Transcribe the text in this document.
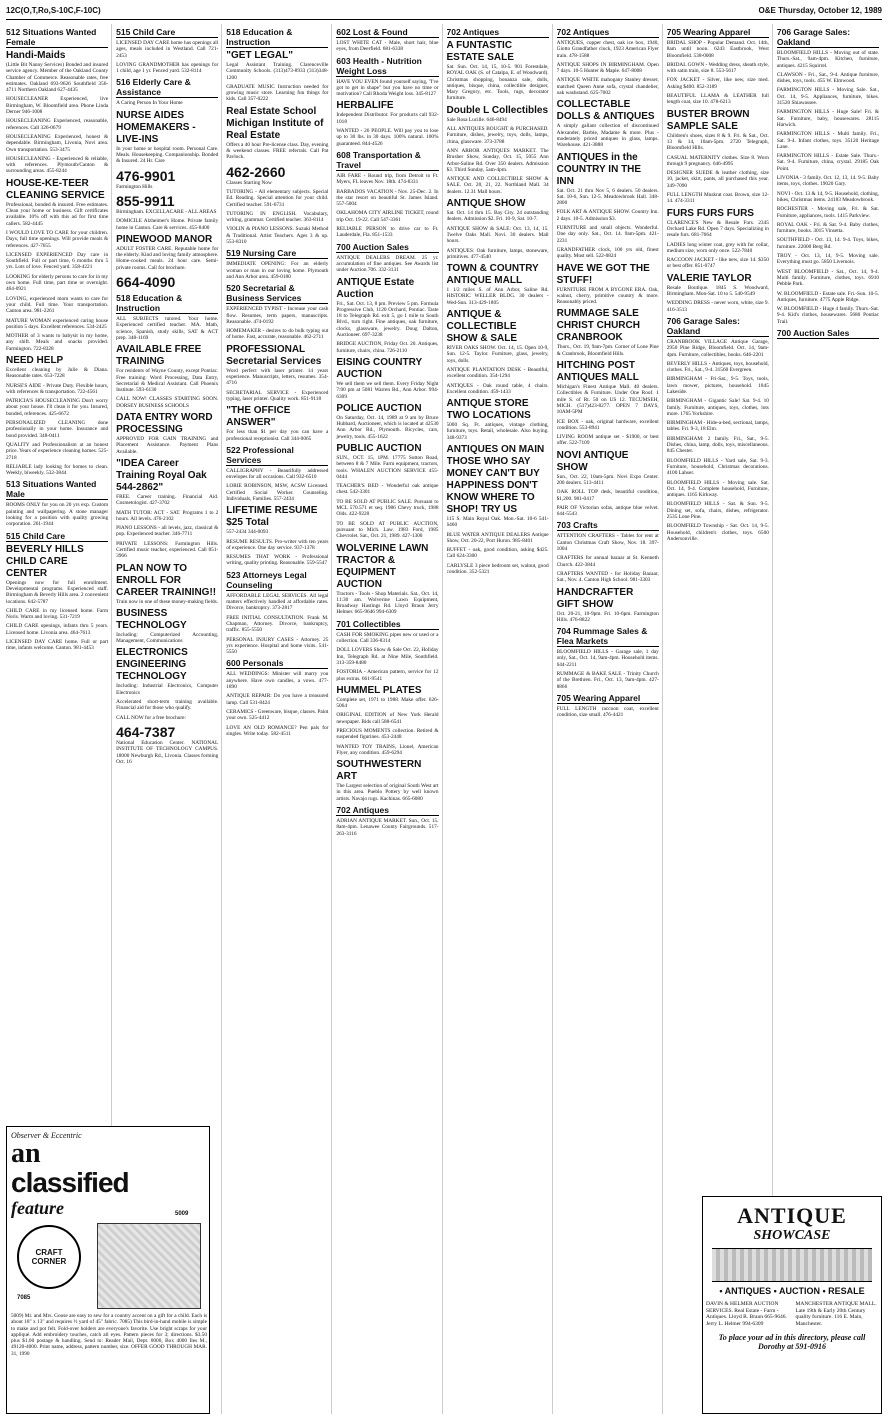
12C(O,T,Ro,S-10C,F-10C)	O&E Thursday, October 12, 1989
512 Situations Wanted Female
Handi-Maids
(Little Bit Nanny Services) Bonded and insured service agency. Member of the Oakland County Chamber of Commerce. Reasonable rates, free estimates. Oakland 693-9626 Southfield 356-4711 Northern Oakland 627-4435
HOUSECLEANER Experienced, live Birmingham, W. Bloomfield area. Phone Linda Derner 946-1008
HOUSECLEANING Experienced, reasonable, references. Call 326-0679
HOUSECLEANING Experienced, honest & dependable. Birmingham, Livonia, Novi area. Own transportation. 553-3475
HOUSECLEANING - Experienced & reliable, with references. Plymouth/Canton & surrounding areas. 455-8244
HOUSE-KE-TEER CLEANING SERVICE
Professional, bonded & insured. Free estimates. Clean your home or business. Gift certificates available. 10% off with this ad for first time callers. 582-4445
I WOULD LOVE TO CARE for your children. Days, full time openings. Will provide meals & references. 427-7655
LICENSED EXPERIENCED Day care in Southfield. Full or part time, 6 months thru 5 yrs. Lots of love. Fenced yard. 358-4221
LOOKING for elderly persons to care for in my own home. Full time, part time or overnight. 464-0921
LOVING, experienced mom wants to care for your child. Full time. Your transportation. Canton area. 981-2261
MATURE WOMAN experienced caring house position 5 days. Excellent references. 534-2425
MOTHER of 3 wants to babysit in my home, any shift. Meals and snacks provided. Farmington. 722-8328
NEED HELP
Excellent cleaning by Julie & Diana. Reasonable rates. 653-7228
NURSE'S AIDE - Private Duty. Flexible hours, with references & transportation. 722-4561
PATRICIA'S HOUSECLEANING Don't worry about your house. I'll clean it for you. Insured, bonded, references. 425-6672
PERSONALIZED CLEANING done professionally in your home. Insurance and bond provided. 348-0411
QUALITY and Professionalism at an honest price. Years of experience cleaning homes. 525-2718
RELIABLE lady looking for homes to clean. Weekly, biweekly. 532-3844
513 Situations Wanted Male
ROOMS ONLY for you on 20 yrs exp. Custom painting and wallpapering. A stone manager looking for a position with quality growing corporation. 261-1944
515 Child Care
BEVERLY HILLS CHILD CARE CENTER
Openings now for full enrollment. Developmental programs. Experienced staff. Birmingham & Beverly Hills area. 2 convenient locations. 642-5787
CHILD CARE in my licensed home. Farm Noris. Warm and loving. 531-7219
CHILD CARE openings, infants thru 5 years. Licensed home. Livonia area. 464-7613
LICENSED DAY CARE home. Full or part time, infants welcome. Canton. 981-4453
515 Child Care
LICENSED DAY CARE home has openings all ages, meals included in Westland. Call 721-2453
LOVING GRANDMOTHER has openings for 1 child, age 1 yr. Fenced yard. 532-8114
516 Elderly Care & Assistance
A Caring Person In Your Home
NURSE AIDES HOMEMAKERS - LIVE-INS
In your home or hospital room. Personal Care. Meals. Housekeeping. Companionship. Bonded & Insured. 24 Hr. Care
476-9901
Farmington Hills
855-9911
Birmingham. EXCELLACARE - ALL AREAS
DOMICILE Alzheimer's Home. Private family home in Canton. Care & services. 455-8400
PINEWOOD MANOR
ADULT FOSTER CARE. Reputable home for the elderly. Kind and loving family atmosphere. Home-cooked meals. 24 hour care. Semi-private rooms. Call for brochure.
664-4090
518 Education & Instruction
ALL SUBJECTS tutored. Your home. Experienced certified teacher. MA. Math, science, Spanish, study skills, SAT & ACT prep. 348-1169
AVAILABLE FREE TRAINING
For residents of Wayne County, except Pontiac. Free training: Word Processing, Data Entry, Secretarial & Medical Assistant. Call Phoenix Institute. 593-6130
CALL NOW! CLASSES STARTING SOON. DORSEY BUSINESS SCHOOLS
DATA ENTRY WORD PROCESSING
APPROVED FOR GAIN TRAINING and Placement Assistance. Payment Plans Available.
"IDEA Career Training Royal Oak 544-2862"
FREE. Career training. Financial Aid. Cosmetologist. 427-3702
MATH TUTOR: ACT - SAT. Programs 1 to 2 hours. All levels. 476-2102
PIANO LESSONS - all levels, jazz, classical & pop. Experienced teacher. 346-7711
PRIVATE LESSONS: Farmington Hills. Certified music teacher, experienced. Call 851-3966
PLAN NOW TO ENROLL FOR CAREER TRAINING!!
Train now in one of these money-making fields.
BUSINESS TECHNOLOGY
Including: Computerized Accounting, Management, Communications
ELECTRONICS ENGINEERING TECHNOLOGY
Including: Industrial Electronics, Computer Electronics
Accelerated short-term training available. Financial aid for those who qualify.
CALL NOW for a free brochure:
464-7387
National Education Center. NATIONAL INSTITUTE OF TECHNOLOGY CAMPUS. 18000 Newburgh Rd., Livonia. Classes forming Oct. 16
518 Education & Instruction
"GET LEGAL"
Legal Assistant Training. Clarenceville Community Schools. (313)473-8933 (313)348-1200
GRADUATE MUSIC Instruction needed for growing music store. Learning fun things for kids. Call 357-0222
Real Estate School Michigan Institute of Real Estate
Offers a 40 hour Pre-license class. Day, evening & weekend classes. FREE referrals. Call Pat Pavlock.
462-2660
Classes Starting Now
TUTORING - All elementary subjects. Special Ed. Reading. Special attention for your child. Certified teacher. 591-6731
TUTORING IN ENGLISH. Vocabulary, writing, grammar. Certified teacher. 363-8114
VIOLIN & PIANO LESSONS. Suzuki Method & Traditional. Artist Teachers. Ages 3 & up. 553-8310
519 Nursing Care
IMMEDIATE OPENING: For an elderly woman or man in our loving home. Plymouth and Ann Arbor area. 459-0180
520 Secretarial & Business Services
EXPERIENCED TYPIST - Increase your cash flow. Resumes, term papers, manuscripts. Reasonable. 474-0192
HOMEMAKER - desires to do bulk typing out of home. Fast, accurate, reasonable. 462-2711
PROFESSIONAL Secretarial Services
Word perfect with laser printer. 14 years experience. Manuscripts, letters, resumes. 354-4716
SECRETARIAL SERVICE - Experienced typing, laser printer. Quality work. 851-9118
"THE OFFICE ANSWER"
For less than $1 per day you can have a professional receptionist. Call 344-0065
522 Professional Services
CALLIGRAPHY - Beautifully addressed envelopes for all occasions. Call 932-6510
LORIE ROBINSON, MSW, ACSW Licensed. Certified Social Worker. Counseling. Individuals, Families. 557-2434
LIFETIME RESUME $25 Total
557-2434 344-0093
RESUME RESULTS. Pro-writer with ten years of experience. One day service. 937-1378
RESUMES THAT WORK - Professional writing, quality printing. Reasonable. 559-5547
523 Attorneys Legal Counseling
AFFORDABLE LEGAL SERVICES. All legal matters effectively handled at affordable rates. Divorce, bankruptcy. 373-2817
FREE INITIAL CONSULTATION. Frank M. Chapman, Attorney. Divorce, bankruptcy, traffic. 855-5550
PERSONAL INJURY CASES - Attorney. 25 yrs experience. Hospital and home visits. 541-5550
600 Personals
ALL WEDDINGS: Minister will marry you anywhere. Have own candles, a vows. 477-1890
ANTIQUE REPAIR: Do you have a treasured lamp. Call 531-8424
CERAMICS - Greenware, bisque, classes. Paint your own. 525-4412
LOVE AN OLD ROMANCE? Pen pals for singles. Write today. 582-4511
602 Lost & Found
LOST WHITE CAT - Male, short hair, blue eyes, from Deerfield. 681-6338
603 Health - Nutrition Weight Loss
HAVE YOU EVEN found yourself saying, "I've got to get in shape" but you have no time or motivation? Call Rhoda Weight loss. 345-8127
HERBALIFE
Independent Distributor. For products call 932-1018
WANTED - 26 PEOPLE. Will pay you to lose up to 30 lbs. in 30 days. 100% natural. 100% guaranteed. 844-4526
608 Transportation & Travel
AIR FARE - Round trip, from Detroit to Ft. Myers, FL leaves Nov. 18th. 474-8331
BARBADOS VACATION - Nov. 25-Dec. 2. In the star resort on beautiful St. James Island. 557-5004
OKLAHOMA CITY AIRLINE TICKET, round trip Oct. 19-22. Call 547-3361
RELIABLE PERSON to drive car to Ft. Lauderdale, Fla. 851-1533
700 Auction Sales
ANTIQUE DEALERS DREAM. 25 yr. accumulation of fine antiques. See Awards list under Auction 706. 332-3131
ANTIQUE Estate Auction
Fri., Sat. Oct. 13, 8 pm. Preview 5 pm. Formula Progressive Club, 1120 Orchard, Pontiac. Taste 18 to Telegraph Rd. exit 5, go 1 mile to South Blvd., turn right. Fine antiques, oak furniture, clocks, glassware, jewelry. Doug Dalton, Auctioneer. 697-3238
BRIDGE AUCTION, Friday Oct. 20. Antiques, furniture, chairs, china. 726-2110
EISING COUNTRY AUCTION
We sell them we sell them. Every Friday Night 7:00 pm at 5081 Warren Rd., Ann Arbor. 994-6309
POLICE AUCTION
On Saturday, Oct. 14, 1989 at 9 am by Bruce Hubbard, Auctioneer, which is located at 42530 Ann Arbor Rd., Plymouth. Bicycles, cars, jewelry, tools. 455-1622
PUBLIC AUCTION
SUN., OCT. 15, 1PM. 17775 Sutton Road, between 8 & 7 Mile. Farm equipment, tractors, tools. WHALEN AUCTION SERVICE 455-0444
TEACHER'S BED - Wonderful oak antique chest. 542-3301
TO BE SOLD AT PUBLIC SALE. Pursuant to MCL 570.571 et seq. 1986 Chevy truck, 1988 Olds. 422-9220
TO BE SOLD AT PUBLIC AUCTION, pursuant to Mich. Law. 1983 Ford, 1985 Chevrolet. Sat., Oct. 21, 1989. 427-1300
WOLVERINE LAWN TRACTOR & EQUIPMENT AUCTION
Tractors - Tools - Shop Materials. Sat., Oct. 14, 11:30 am. Wolverine Lawn Equipment, Broadway Hastings Rd. Lloyd Braun Jerry Helmer. 665-9646 994-6309
701 Collectibles
CASH FOR SMOKING pipes new or used or a collection. Call 336-8314
DOLL LOVERS Show & Sale Oct. 22, Holiday Inn, Telegraph Rd. at Nine Mile, Southfield. 313-359-8480
FOSTORIA - American pattern, service for 12 plus extras. 661-9541
HUMMEL PLATES
Complete set, 1971 to 1988. Make offer. 626-5064
ORIGINAL EDITION of New York Herald newspaper. Bids call 588-6541
PRECIOUS MOMENTS collection. Retired & suspended figurines. 453-2448
WANTED TOY TRAINS, Lionel, American Flyer, any condition. 459-6294
SOUTHWESTERN ART
The Largest selection of original South West art in this area. Pueblo Pottery by well known artists. Navajo rugs. Kachinas. 665-6080
702 Antiques
ADRIAN ANTIQUE MARKET. Sun., Oct. 15. 8am-4pm. Lenawee County Fairgrounds. 517-263-3116
702 Antiques
A FUNTASTIC ESTATE SALE
Sat. Sun. Oct. 14, 15, 10-5. 901 Forestdale, ROYAL OAK (S. of Catalpa, E. of Woodward). Christmas shopping, bonanza sale, dolls, antiques, bisque, china, collectible designer, Mary Gregory, etc. Tools, rugs, decorator furniture.
Double L Collectibles
Sale Rosa Lucille. 646-8494
ALL ANTIQUES BOUGHT & PURCHASED. Furniture, dishes, jewelry, toys, dolls, lamps, china, glassware. 373-3788
ANN ARBOR ANTIQUES MARKET. The Brusher Show, Sunday, Oct. 15, 5055 Ann Arbor-Saline Rd. Over 350 dealers. Admission $3. Third Sunday, 5am-4pm.
ANTIQUE AND COLLECTIBLE SHOW & SALE. Oct. 20, 21, 22. Northland Mall. 34 dealers. 12.31 Mall hours.
ANTIQUE SHOW
Sat. Oct. 14 thru 15. Bay City. 24 outstanding dealers. Admission $2. Fri. 10-9, Sat. 10-7.
ANTIQUE SHOW & SALE: Oct. 13, 14, 15. Twelve Oaks Mall. Novi. 30 dealers. Mall hours.
ANTIQUES: Oak furniture, lamps, stoneware, primitives. 477-4540
TOWN & COUNTRY ANTIQUE MALL
1 1/2 miles S. of Ann Arbor, Saline Rd. HISTORIC WELLER BLDG. 30 dealers - Wed-Sun. 313-429-1805
ANTIQUE & COLLECTIBLE SHOW & SALE
RIVER OAKS SHOW. Oct. 14, 15. Open 10-9, Sun. 12-5. Taylor. Furniture, glass, jewelry, toys, dolls.
ANTIQUE PLANTATION DESK - Beautiful, excellent condition. 354-1294
ANTIQUES - Oak round table, 4 chairs. Excellent condition. 459-1433
ANTIQUE STORE TWO LOCATIONS
5000 Sq. Ft. antiques, vintage clothing, furniture, toys. Retail, wholesale. Also buying. 348-9373
ANTIQUES ON MAIN THOSE WHO SAY MONEY CAN'T BUY HAPPINESS DON'T KNOW WHERE TO SHOP! TRY US
115 S. Main Royal Oak. Mon.-Sat. 10-6 541-6460
BLUE WATER ANTIQUE DEALERS Antique Show, Oct. 20-22, Port Huron. 985-8401
BUFFET - oak, good condition, asking $425. Call 624-3300
CARLYSLE 3 piece bedroom set, walnut, good condition. 352-5321
702 Antiques
ANTIQUES, copper chest, oak ice box, 1940, Giotto Grandfather clock, 1923 American Flyer train. 478-1588
ANTIQUE SHOPS IN BIRMINGHAM. Open 7 days. 10-5 Hunter & Maple. 647-8008
ANTIQUE WHITE mahogany Stanley dresser, matched Queen Anne sofa, crystal chandelier, oak washstand. 625-7002
COLLECTABLE DOLLS & ANTIQUES
A simply gallant collection of discontinued Alexander, Barbie, Madame & more. Plus - moderately priced antiques in glass, lamps. Warehouse. 421-3888
ANTIQUES in the COUNTRY IN THE INN
Sat. Oct. 21 thru Nov 5, 6 dealers. 50 dealers. Sat. 10-6, Sun. 12-5. Meadowbrook Hall. 348-2800
FOLK ART & ANTIQUE SHOW. Country Inn. 2 days. 10-5. Admission $3.
FURNITURE and small objects. Wonderful. One day only. Sat., Oct. 14. 9am-5pm. 421-2231
GRANDFATHER clock, 100 yrs old, finest quality. Must sell. 522-0824
HAVE WE GOT THE STUFF!
FURNITURE FROM A BYGONE ERA. Oak, walnut, cherry, primitive country & more. Reasonably priced.
RUMMAGE SALE CHRIST CHURCH CRANBROOK
Thurs., Oct. 19, 9am-7pm. Corner of Lone Pine & Cranbrook, Bloomfield Hills.
HITCHING POST ANTIQUES MALL
Michigan's Finest Antique Mall. 40 dealers. Collectibles & Furniture. Under One Roof. 1 mile S. of Rt. 50 on US 12. TECUMSEH, MICH. (517)423-8277. OPEN 7 DAYS, 10AM-5PM
ICE BOX - oak, original hardware, excellent condition. 553-8941
LIVING ROOM antique set - $1900, or best offer. 522-7109
NOVI ANTIQUE SHOW
Sun., Oct. 22, 10am-5pm. Novi Expo Center. 200 dealers. 513-4411
OAK ROLL TOP desk, beautiful condition, $1,200. 981-0417
PAIR OF Victorian sofas, antique blue velvet. 644-5543
703 Crafts
ATTENTION CRAFTERS - Tables for rent at Canton Christmas Craft Show, Nov. 18. 397-1004
CRAFTERS for annual bazaar at St. Kenneth Church. 422-3844
CRAFTERS WANTED - for Holiday Bazaar, Sat., Nov. 4. Canton High School. 981-3303
HANDCRAFTER GIFT SHOW
Oct. 20-21, 10-9pm. Fri. 10-6pm. Farmington Hills. 476-8822
704 Rummage Sales & Flea Markets
BLOOMFIELD HILLS - Garage sale, 1 day only, Sat., Oct. 14, 9am-4pm. Household items. 644-2211
RUMMAGE & BAKE SALE - Trinity Church of the Brethren. Fri., Oct. 13, 9am-4pm. 427-8866
705 Wearing Apparel
FULL LENGTH raccoon coat, excellent condition, size small. 476-4421
705 Wearing Apparel
BRIDAL SHOP - Popular Demand. Oct. 14th, 8am until noon. 6243 Eastbrook, West Bloomfield. 538-0008
BRIDAL GOWN - Wedding dress, sheath style, with satin train, size 8. 553-5617
FOX JACKET - Silver, like new, size med. Asking $400. 852-3189
BEAUTIFUL LLAMA & LEATHER full length coat, size 10. 478-6213
BUSTER BROWN SAMPLE SALE
Children's shoes, sizes 8 & 9. Fri. & Sat., Oct. 13 & 14, 10am-5pm. 2720 Telegraph, Bloomfield Hills.
CASUAL MATERNITY clothes. Size 8. Worn through 9 pregnancy. 646-4995
DESIGNER SUEDE & leather clothing, size 10, jacket, skirt, pants, all purchased this year. 349-7090
FULL LENGTH Muskrat coat. Brown, size 12-14. 474-3311
FURS FURS FURS
CLARENCE'S New & Resale Furs. 2345 Orchard Lake Rd. Open 7 days. Specializing in resale furs. 681-7664
LADIES long winter coat, grey with fur collar, medium size, worn only once. 522-7840
RACCOON JACKET - like new, size 14. $350 or best offer. 851-0747
VALERIE TAYLOR
Resale Boutique. 1845 S. Woodward, Birmingham. Mon-Sat. 10 to 5. 540-9549
WEDDING DRESS - never worn, white, size 9. 416-3513
706 Garage Sales: Oakland
CRANBROOK VILLAGE Antique Garage, 2950 Pine Ridge, Bloomfield. Oct. 14, 9am-4pm. Furniture, collectibles, books. 646-2201
BEVERLY HILLS - Antiques, toys, household, clothes. Fri., Sat., 9-4. 31560 Evergreen.
BIRMINGHAM - Fri-Sat., 9-5. Toys, tools, lawn mower, pictures, household. 1845 Lakeside.
BIRMINGHAM - Gigantic Sale! Sat. 9-4. 10 family. Furniture, antiques, toys, clothes, lots more. 1765 Yorkshire.
BIRMINGHAM - Hide-a-bed, sectional, lamps, tables. Fri. 9-3, 18 Elm.
BIRMINGHAM: 2 family. Fri., Sat., 9-5. Dishes, china, lamp, dolls, toys, miscellaneous. 845 Chester.
BLOOMFIELD HILLS - Yard sale, Sat. 9-3. Furniture, household, Christmas decorations. 4100 Lahser.
BLOOMFIELD HILLS - Moving sale. Sat. Oct. 14, 9-4. Complete household, Furniture, antiques. 1165 Kirkway.
BLOOMFIELD HILLS - Sat. & Sun. 9-5. Dining set, sofa, chairs, dishes, refrigerator. 2535 Lone Pine.
BLOOMFIELD Township - Sat. Oct. 14, 9-5. Household, children's clothes, toys. 6500 Andersonville.
706 Garage Sales: Oakland
BLOOMFIELD HILLS - Moving out of state. Thurs.-Sat., 9am-4pm. Kitchen, furniture, antiques. 4215 Squirrel.
CLAWSON - Fri., Sat., 9-4. Antique furniture, dishes, toys, tools. 455 W. Elmwood.
FARMINGTON HILLS - Moving Sale. Sat., Oct. 14, 9-5. Appliances, furniture, bikes. 31520 Shiawassee.
FARMINGTON HILLS - Huge Sale! Fri. & Sat. Furniture, baby, housewares. 28115 Harwich.
FARMINGTON HILLS - Multi family. Fri., Sat. 9-4. Infant clothes, toys. 35120 Heritage Lane.
FARMINGTON HILLS - Estate Sale. Thurs.-Sat. 9-4. Furniture, china, crystal. 29185 Oak Point.
LIVONIA - 3 family. Oct. 12, 13, 14. 9-5. Baby items, toys, clothes. 19020 Gary.
NOVI - Oct. 13 & 14, 9-5. Household, clothing, bikes, Christmas items. 24183 Meadowbrook.
ROCHESTER - Moving sale, Fri. & Sat. Furniture, appliances, tools. 1415 Parkview.
ROYAL OAK - Fri. & Sat. 9-4. Baby clothes, furniture, books. 3015 Vinsetta.
SOUTHFIELD - Oct. 13, 14. 9-4. Toys, bikes, furniture. 22000 Berg Rd.
TROY - Oct. 13, 14, 9-5. Moving sale. Everything must go. 5850 Livernois.
WEST BLOOMFIELD - Sat., Oct. 14, 9-4. Multi family. Furniture, clothes, toys. 6910 Pebble Park.
W. BLOOMFIELD - Estate sale. Fri.-Sun. 10-5. Antiques, furniture. 4775 Apple Ridge.
W. BLOOMFIELD - Huge 4 family. Thurs.-Sat. 9-4. Kid's clothes, housewares. 5680 Pontiac Trail.
700 Auction Sales
Observer & Eccentric
an
classified
feature
CRAFT CORNER
5009
7085
5009) Mr. and Mrs. Goose are easy to sew for a country accent on a gift for a child. Each is about 18" x 13" and requires ½ yard of 45" fabric. 7085) This bird-in-hand mobile is simple to make and pot felt. Fold-over holders are everyone's favorite. Use bright scraps for your appliqué. Add embroidery touches, catch all eyes. Pattern pieces for 3; directions. $3.50 plus $1.00 postage & handling. Send to: Reader Mail, Dept. 0000, Box 4000 Iles M., 49120-4000. Print name, address, pattern number, size. OFFER GOOD THROUGH MAR. 31, 1990
ANTIQUE
SHOWCASE
• ANTIQUES • AUCTION • RESALE
DAVIN & HELMER AUCTION SERVICES. Real Estate - Farm - Antiques. Lloyd R. Braun 665-9646. Jerry L. Helmer 994-6309
MANCHESTER ANTIQUE MALL. Late 19th & Early 20th Century quality furniture. 116 E. Main, Manchester.
To place your ad in this directory, please call Dorothy at 591-0916
